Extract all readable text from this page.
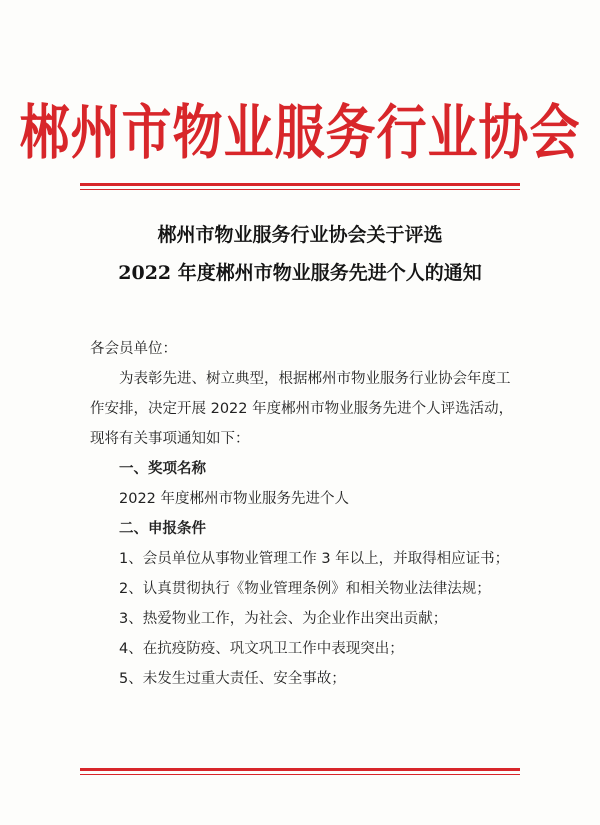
郴州市物业服务行业协会
郴州市物业服务行业协会关于评选
2022 年度郴州市物业服务先进个人的通知

各会员单位：

为表彰先进、树立典型，根据郴州市物业服务行业协会年度工作安排，决定开展 2022 年度郴州市物业服务先进个人评选活动，现将有关事项通知如下：

一、奖项名称

2022 年度郴州市物业服务先进个人

二、申报条件

1、会员单位从事物业管理工作 3 年以上，并取得相应证书；

2、认真贯彻执行《物业管理条例》和相关物业法律法规；

3、热爱物业工作，为社会、为企业作出突出贡献；

4、在抗疫防疫、巩文巩卫工作中表现突出；

5、未发生过重大责任、安全事故；
